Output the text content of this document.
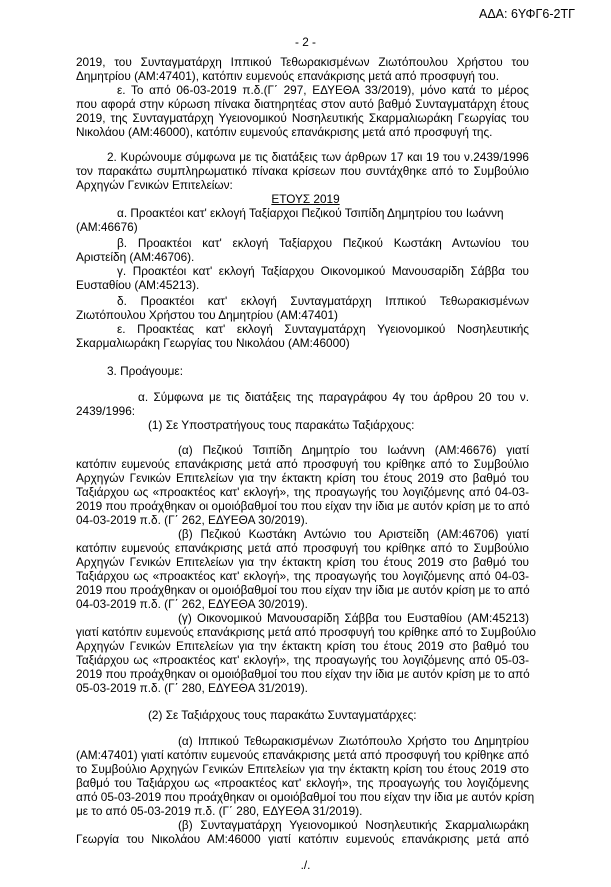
ΑΔΑ: 6ΥΦΓ6-2ΤΓ
- 2 -
2019, του Συνταγματάρχη Ιππικού Τεθωρακισμένων Ζιωτόπουλου Χρήστου του
Δημητρίου (ΑΜ:47401), κατόπιν ευμενούς επανάκρισης μετά από προσφυγή του.
ε. Το από 06-03-2019 π.δ.(Γ΄ 297, ΕΔΥΕΘΑ 33/2019), μόνο κατά το μέρος
που αφορά στην κύρωση πίνακα διατηρητέας στον αυτό βαθμό Συνταγματάρχη έτους
2019, της Συνταγματάρχη Υγειονομικού Νοσηλευτικής Σκαρμαλιωράκη Γεωργίας του
Νικολάου (ΑΜ:46000), κατόπιν ευμενούς επανάκρισης μετά από προσφυγή της.
2. Κυρώνουμε σύμφωνα με τις διατάξεις των άρθρων 17 και 19 του ν.2439/1996
τον παρακάτω συμπληρωματικό πίνακα κρίσεων που συντάχθηκε από το Συμβούλιο
Αρχηγών Γενικών Επιτελείων:
ΕΤΟΥΣ 2019
α. Προακτέοι κατ' εκλογή Ταξίαρχοι Πεζικού Τσιπίδη Δημητρίου του Ιωάννη
(ΑΜ:46676)
β. Προακτέοι κατ' εκλογή Ταξίαρχου Πεζικού Κωστάκη Αντωνίου του
Αριστείδη (ΑΜ:46706).
γ. Προακτέοι κατ' εκλογή Ταξίαρχου Οικονομικού Μανουσαρίδη Σάββα του
Ευσταθίου (ΑΜ:45213).
δ. Προακτέοι κατ' εκλογή Συνταγματάρχη Ιππικού Τεθωρακισμένων
Ζιωτόπουλου Χρήστου του Δημητρίου (ΑΜ:47401)
ε. Προακτέας κατ' εκλογή Συνταγματάρχη Υγειονομικού Νοσηλευτικής
Σκαρμαλιωράκη Γεωργίας του Νικολάου (ΑΜ:46000)
3. Προάγουμε:
α. Σύμφωνα με τις διατάξεις της παραγράφου 4γ του άρθρου 20 του ν.
2439/1996:
(1) Σε Υποστρατήγους τους παρακάτω Ταξιάρχους:
(α) Πεζικού Τσιπίδη Δημητρίο του Ιωάννη (ΑΜ:46676) γιατί
κατόπιν ευμενούς επανάκρισης μετά από προσφυγή του κρίθηκε από το Συμβούλιο
Αρχηγών Γενικών Επιτελείων για την έκτακτη κρίση του έτους 2019 στο βαθμό του
Ταξιάρχου ως «προακτέος κατ' εκλογή», της προαγωγής του λογιζόμενης από 04-03-
2019 που προάχθηκαν οι ομοιόβαθμοί του που είχαν την ίδια με αυτόν κρίση με το από
04-03-2019 π.δ. (Γ΄ 262, ΕΔΥΕΘΑ 30/2019).
(β) Πεζικού Κωστάκη Αντώνιο του Αριστείδη (ΑΜ:46706) γιατί
κατόπιν ευμενούς επανάκρισης μετά από προσφυγή του κρίθηκε από το Συμβούλιο
Αρχηγών Γενικών Επιτελείων για την έκτακτη κρίση του έτους 2019 στο βαθμό του
Ταξιάρχου ως «προακτέος κατ' εκλογή», της προαγωγής του λογιζόμενης από 04-03-
2019 που προάχθηκαν οι ομοιόβαθμοί του που είχαν την ίδια με αυτόν κρίση με το από
04-03-2019 π.δ. (Γ΄ 262, ΕΔΥΕΘΑ 30/2019).
(γ) Οικονομικού Μανουσαρίδη Σάββα του Ευσταθίου (ΑΜ:45213)
γιατί κατόπιν ευμενούς επανάκρισης μετά από προσφυγή του κρίθηκε από το Συμβούλιο
Αρχηγών Γενικών Επιτελείων για την έκτακτη κρίση του έτους 2019 στο βαθμό του
Ταξιάρχου ως «προακτέος κατ' εκλογή», της προαγωγής του λογιζόμενης από 05-03-
2019 που προάχθηκαν οι ομοιόβαθμοί του που είχαν την ίδια με αυτόν κρίση με το από
05-03-2019 π.δ. (Γ΄ 280, ΕΔΥΕΘΑ 31/2019).
(2) Σε Ταξιάρχους τους παρακάτω Συνταγματάρχες:
(α) Ιππικού Τεθωρακισμένων Ζιωτόπουλο Χρήστο του Δημητρίου
(ΑΜ:47401) γιατί κατόπιν ευμενούς επανάκρισης μετά από προσφυγή του κρίθηκε από
το Συμβούλιο Αρχηγών Γενικών Επιτελείων για την έκτακτη κρίση του έτους 2019 στο
βαθμό του Ταξιάρχου ως «προακτέος κατ' εκλογή», της προαγωγής του λογιζόμενης
από 05-03-2019 που προάχθηκαν οι ομοιόβαθμοί του που είχαν την ίδια με αυτόν κρίση
με το από 05-03-2019 π.δ. (Γ΄ 280, ΕΔΥΕΘΑ 31/2019).
(β) Συνταγματάρχη Υγειονομικού Νοσηλευτικής Σκαρμαλιωράκη
Γεωργία του Νικολάου ΑΜ:46000 γιατί κατόπιν ευμενούς επανάκρισης μετά από
./.
